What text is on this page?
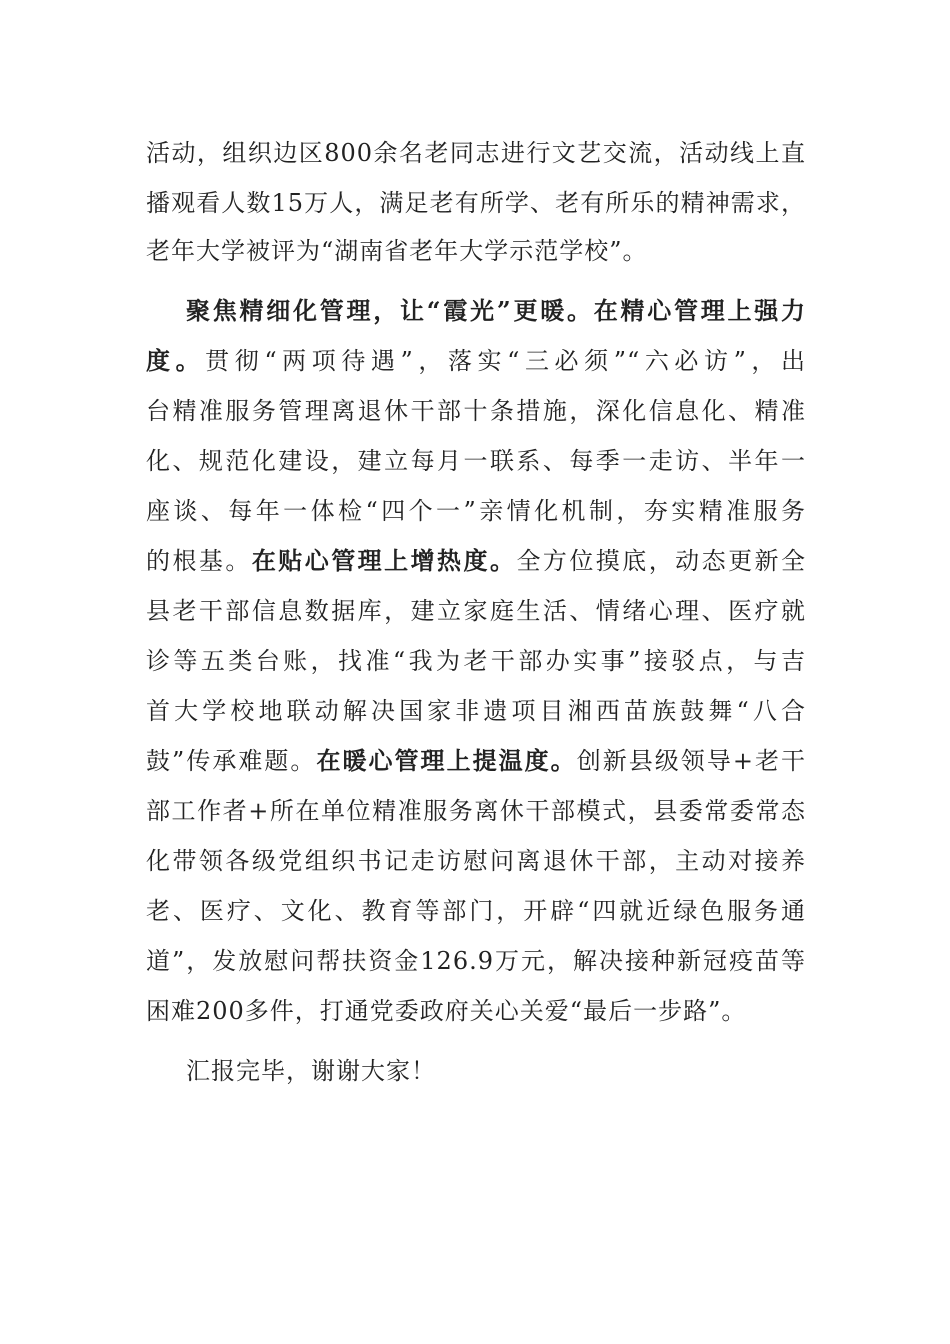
活动，组织边区800余名老同志进行文艺交流，活动线上直
播观看人数15万人，满足老有所学、老有所乐的精神需求，
老年大学被评为“湖南省老年大学示范学校”。
聚焦精细化管理，让“霞光”更暖。在精心管理上强力
度。贯彻“两项待遇”，落实“三必须”“六必访”，出
台精准服务管理离退休干部十条措施，深化信息化、精准
化、规范化建设，建立每月一联系、每季一走访、半年一
座谈、每年一体检“四个一”亲情化机制，夯实精准服务
的根基。在贴心管理上增热度。全方位摸底，动态更新全
县老干部信息数据库，建立家庭生活、情绪心理、医疗就
诊等五类台账，找准“我为老干部办实事”接驳点，与吉
首大学校地联动解决国家非遗项目湘西苗族鼓舞“八合
鼓”传承难题。在暖心管理上提温度。创新县级领导+老干
部工作者+所在单位精准服务离休干部模式，县委常委常态
化带领各级党组织书记走访慰问离退休干部，主动对接养
老、医疗、文化、教育等部门，开辟“四就近绿色服务通
道”，发放慰问帮扶资金126.9万元，解决接种新冠疫苗等
困难200多件，打通党委政府关心关爱“最后一步路”。
汇报完毕，谢谢大家！
